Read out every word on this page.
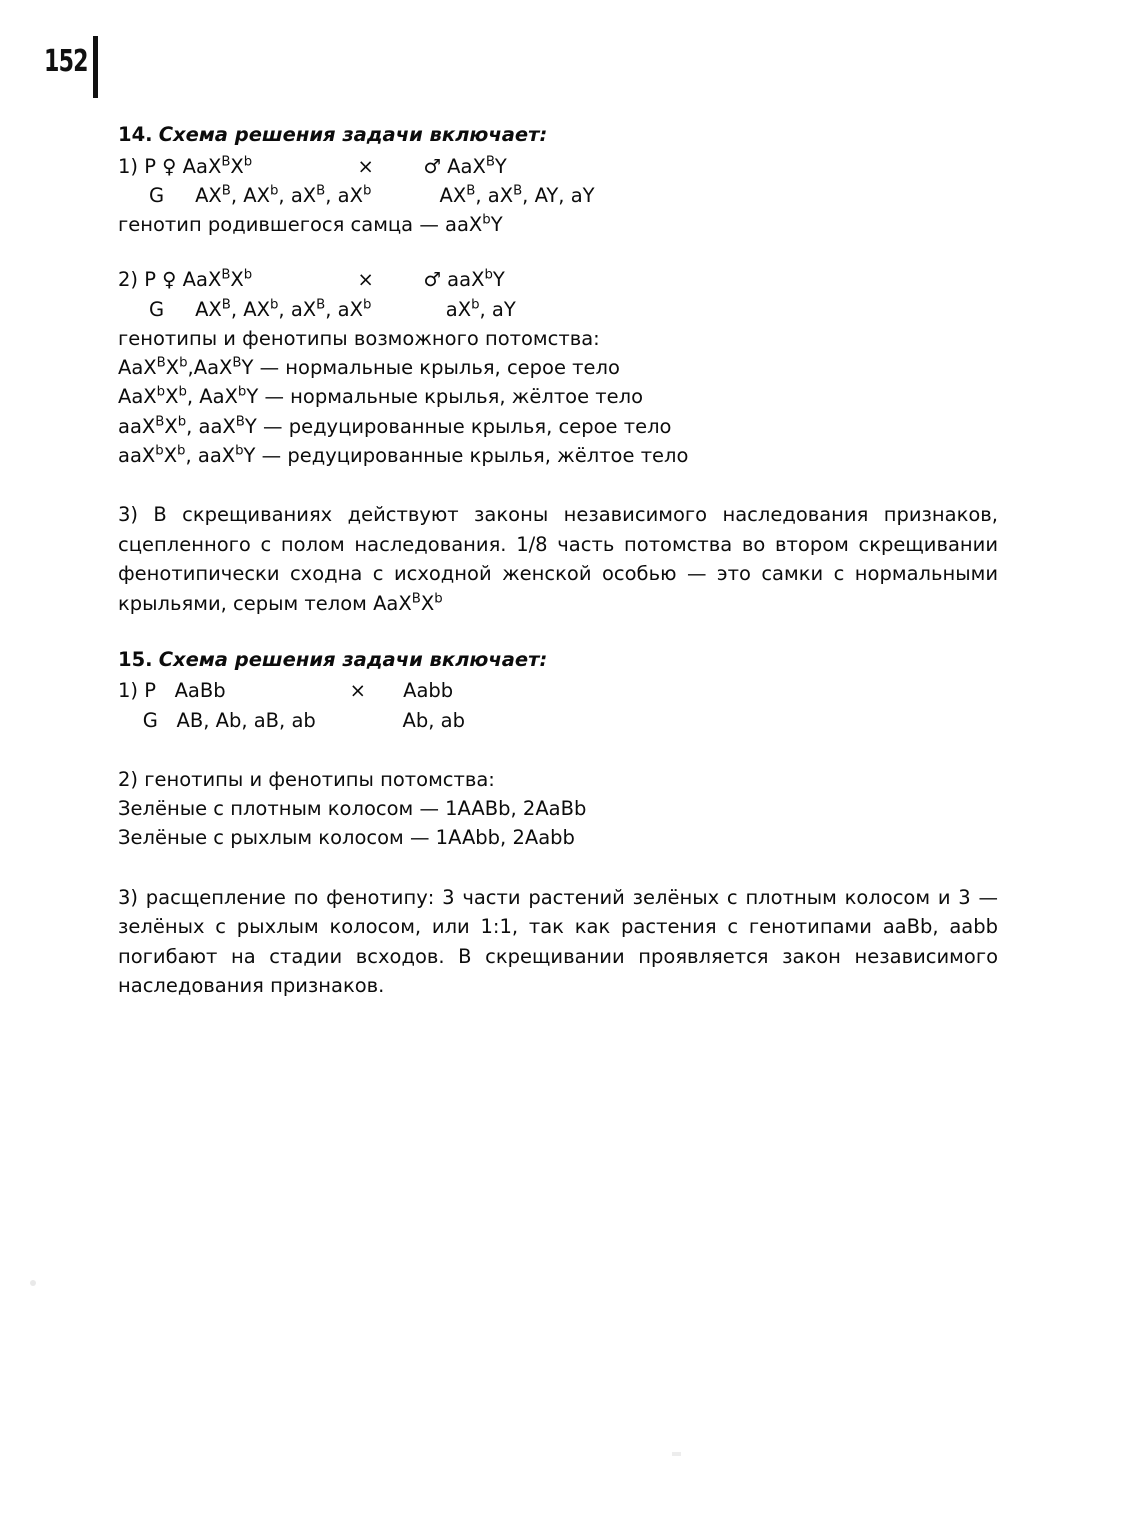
152

14. Схема решения задачи включает:

1) Р ♀ $AaX^BX^b$                 ×        ♂ AaX$^B$Y

G     $AX^B$, $AX^b$, $aX^B$, $aX^b$           $AX^B$, $aX^B$, AY, aY

генотип родившегося самца — aaX$^b$Y

2) Р ♀ $AaX^BX^b$                 ×        ♂ aaX$^b$Y

G     $AX^B$, $AX^b$, $aX^B$, $aX^b$            $aX^b$, aY

генотипы и фенотипы возможного потомства:

$AaX^BX^b,AaX^BY$ — нормальные крылья, серое тело

$AaX^bX^b$, AaX$^b$Y — нормальные крылья, жёлтое тело

$aaX^BX^b$, aaX$^B$Y — редуцированные крылья, серое тело

$aaX^bX^b$, aaX$^b$Y — редуцированные крылья, жёлтое тело

3) В скрещиваниях действуют законы независимого наследования признаков, сцепленного с полом наследования. 1/8 часть потомства во втором скрещивании фенотипически сходна с исходной женской особью — это самки с нормальными крыльями, серым телом $AaX^BX^b$

15. Схема решения задачи включает:

1) Р   AaBb                    ×      Aabb

G   AB, Ab, aB, ab              Ab, ab

2) генотипы и фенотипы потомства:

Зелёные с плотным колосом — 1AABb, 2AaBb

Зелёные с рыхлым колосом — 1AAbb, 2Aabb

3) расщепление по фенотипу: 3 части растений зелёных с плотным колосом и 3 — зелёных с рыхлым колосом, или 1:1, так как растения с генотипами aaBb, aabb погибают на стадии всходов. В скрещивании проявляется закон независимого наследования признаков.
